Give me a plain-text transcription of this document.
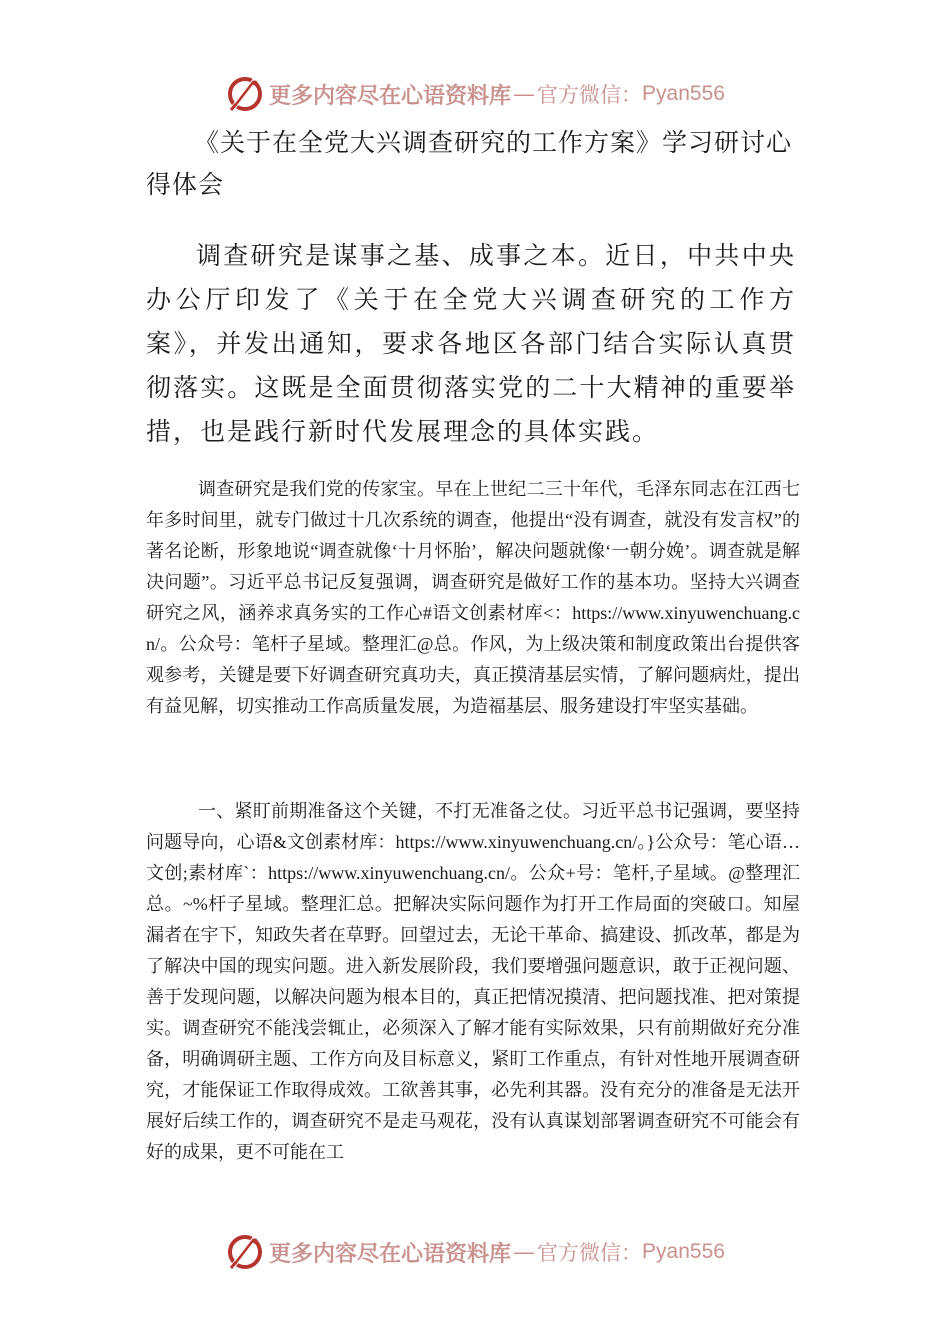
更多内容尽在心语资料库 — 官方微信： Pyan556
《关于在全党大兴调查研究的工作方案》学习研讨心得体会

调查研究是谋事之基、成事之本。近日，中共中央办公厅印发了《关于在全党大兴调查研究的工作方案》，并发出通知，要求各地区各部门结合实际认真贯彻落实。这既是全面贯彻落实党的二十大精神的重要举措，也是践行新时代发展理念的具体实践。

调查研究是我们党的传家宝。早在上世纪二三十年代，毛泽东同志在江西七年多时间里，就专门做过十几次系统的调查，他提出“没有调查，就没有发言权”的著名论断，形象地说“调查就像‘十月怀胎’，解决问题就像‘一朝分娩’。调查就是解决问题”。习近平总书记反复强调，调查研究是做好工作的基本功。坚持大兴调查研究之风，涵养求真务实的工作心#语文创素材库<：https://www.xinyuwenchuang.cn/。公众号：笔杆子星域。整理汇@总。作风，为上级决策和制度政策出台提供客观参考，关键是要下好调查研究真功夫，真正摸清基层实情，了解问题病灶，提出有益见解，切实推动工作高质量发展，为造福基层、服务建设打牢坚实基础。

一、紧盯前期准备这个关键，不打无准备之仗。习近平总书记强调，要坚持问题导向，心语&文创素材库：https://www.xinyuwenchuang.cn/。}公众号：笔心语…文创;素材库`：https://www.xinyuwenchuang.cn/。公众+号：笔杆,子星域。@整理汇总。~%杆子星域。整理汇总。把解决实际问题作为打开工作局面的突破口。知屋漏者在宇下，知政失者在草野。回望过去，无论干革命、搞建设、抓改革，都是为了解决中国的现实问题。进入新发展阶段，我们要增强问题意识，敢于正视问题、善于发现问题，以解决问题为根本目的，真正把情况摸清、把问题找准、把对策提实。调查研究不能浅尝辄止，必须深入了解才能有实际效果，只有前期做好充分准备，明确调研主题、工作方向及目标意义，紧盯工作重点，有针对性地开展调查研究，才能保证工作取得成效。工欲善其事，必先利其器。没有充分的准备是无法开展好后续工作的，调查研究不是走马观花，没有认真谋划部署调查研究不可能会有好的成果，更不可能在工

更多内容尽在心语资料库 — 官方微信： Pyan556
